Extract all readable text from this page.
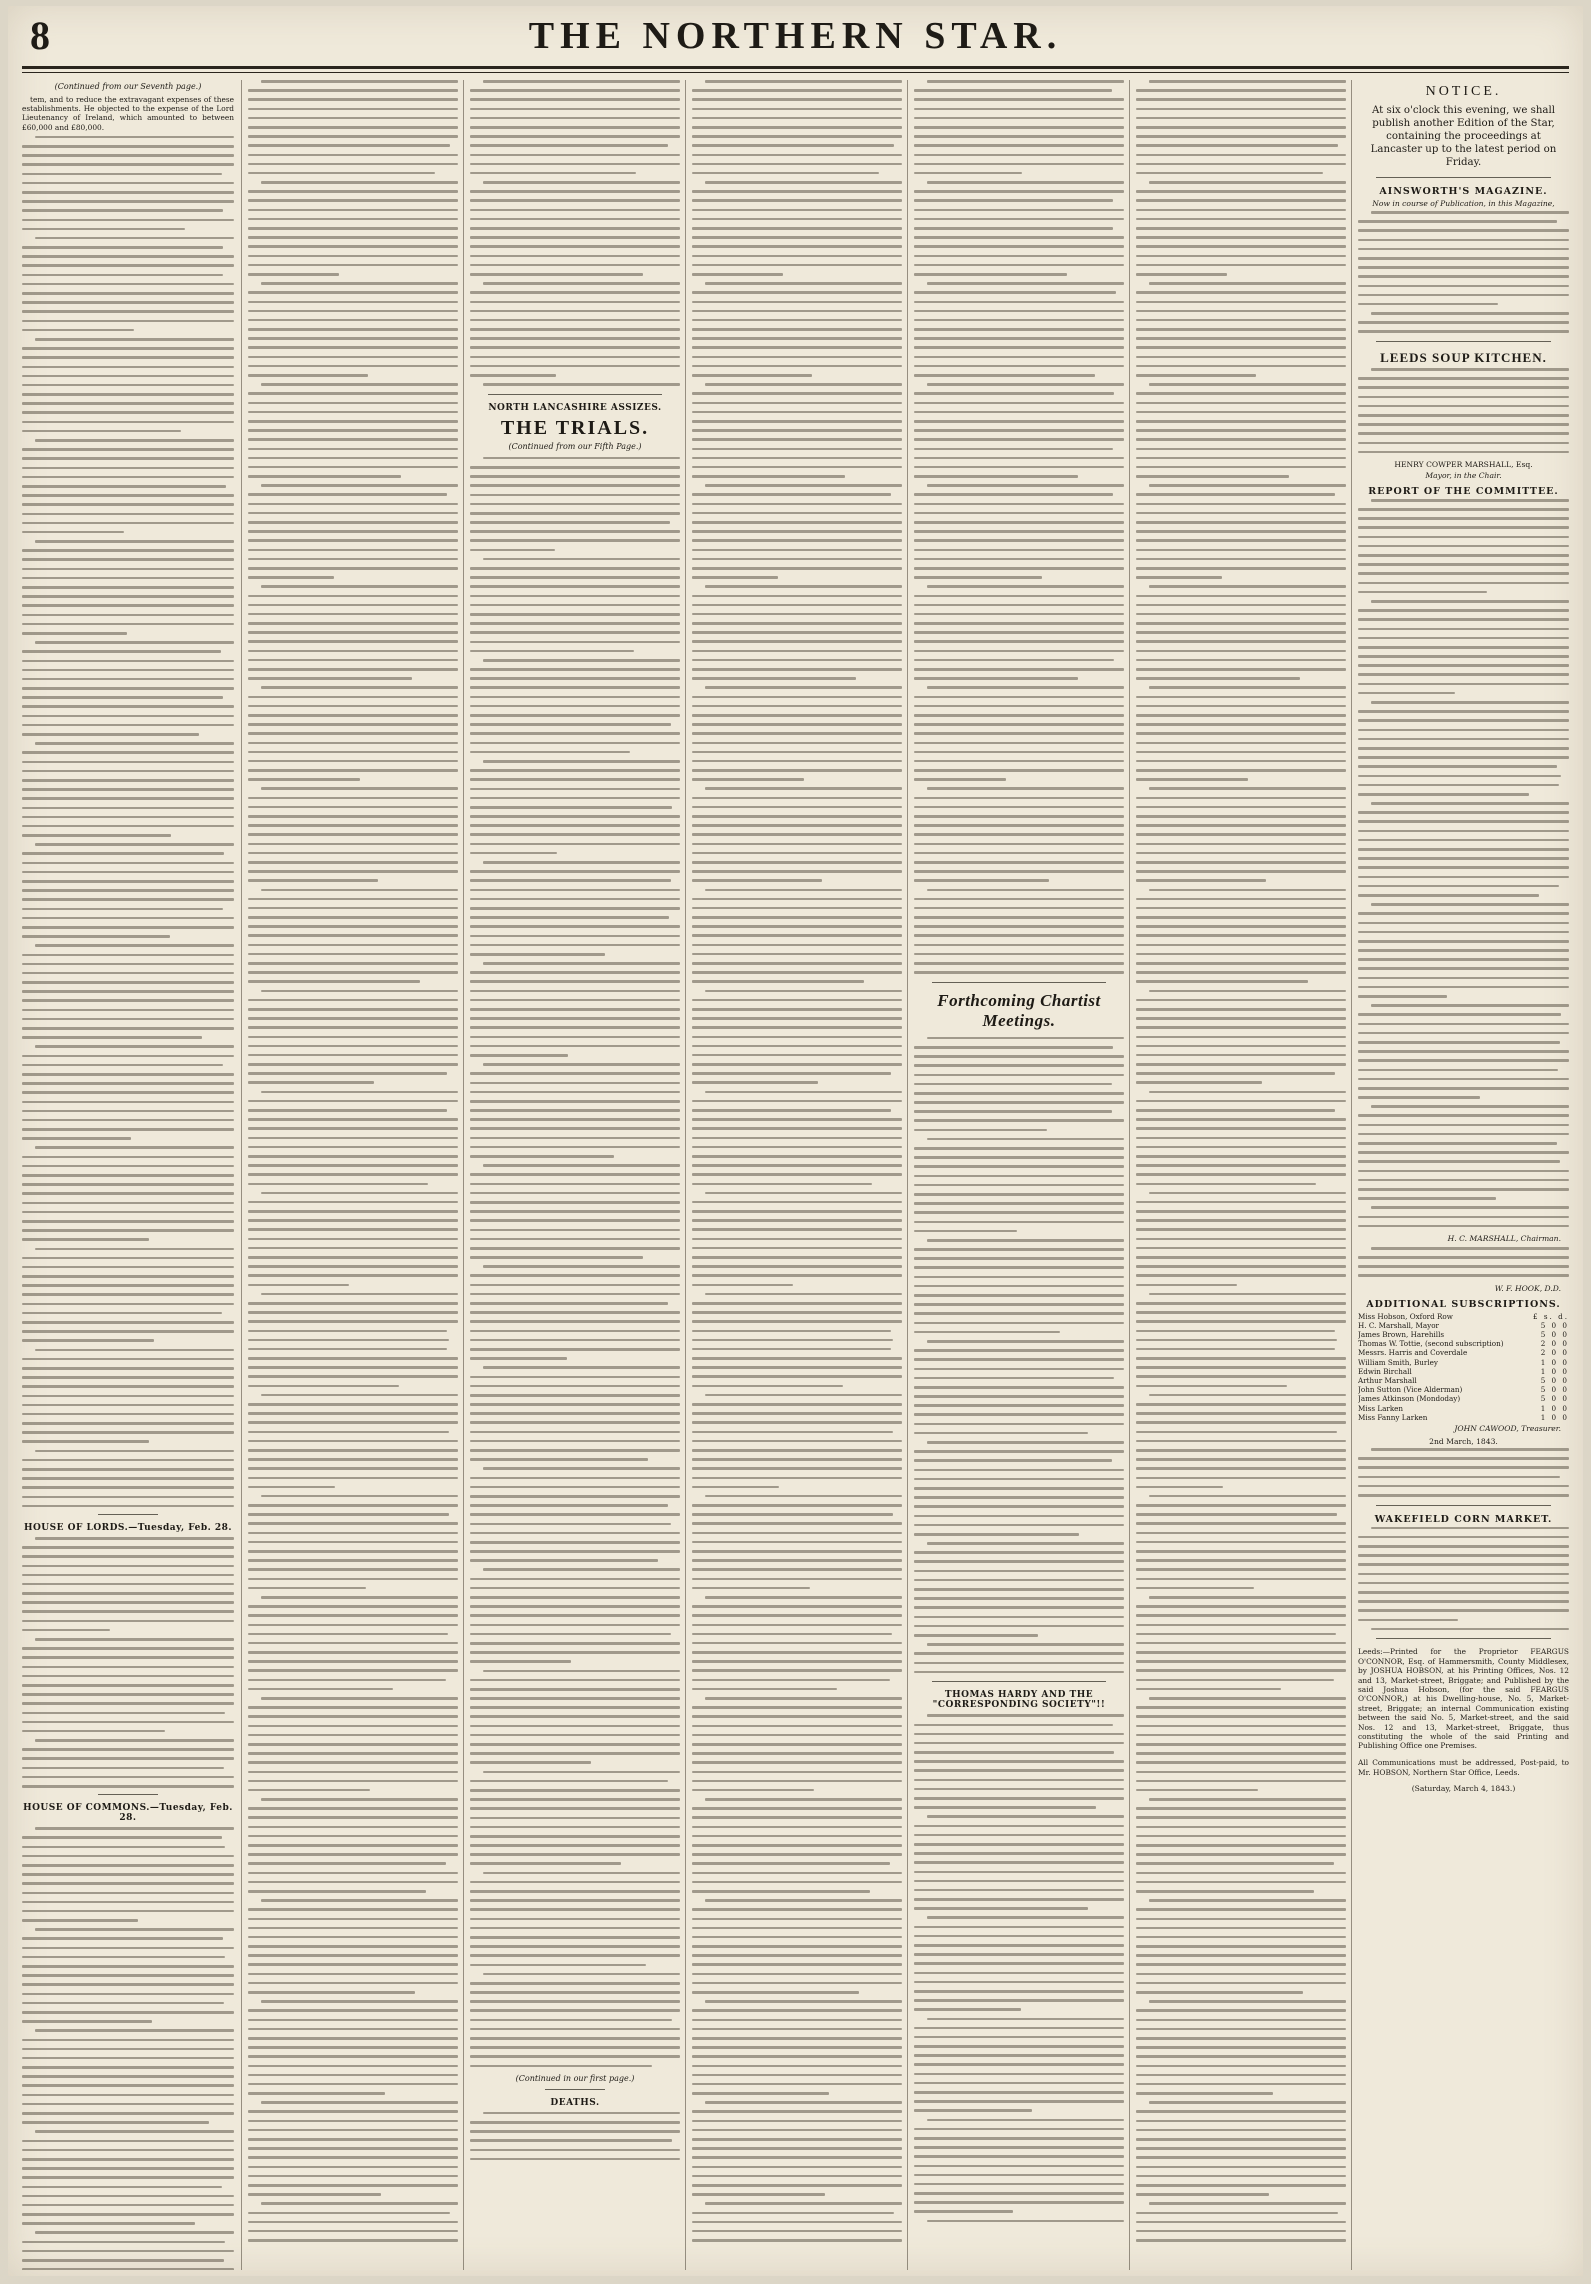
8	THE NORTHERN STAR.
(Continued from our Seventh page.)

tem, and to reduce the extravagant expenses of these establishments. He objected to the expense of the Lord Lieutenancy of Ireland, which amounted to between £60,000 and £80,000.

HOUSE OF LORDS.—Tuesday, Feb. 28.
HOUSE OF COMMONS.—Tuesday, Feb. 28.
NORTH LANCASHIRE ASSIZES.
THE TRIALS.
(Continued from our Fifth Page.)
(Continued in our first page.)
DEATHS.
Forthcoming Chartist Meetings.
THOMAS HARDY AND THE "CORRESPONDING SOCIETY"!!
NOTICE.
At six o'clock this evening, we shall publish another Edition of the Star, containing the proceedings at Lancaster up to the latest period on Friday.
AINSWORTH'S MAGAZINE.
Now in course of Publication, in this Magazine,
LEEDS SOUP KITCHEN.
HENRY COWPER MARSHALL, Esq.
Mayor, in the Chair.
REPORT OF THE COMMITTEE.
H. C. MARSHALL, Chairman.
W. F. HOOK, D.D.
ADDITIONAL SUBSCRIPTIONS.
Miss Hobson, Oxford Row	£ s. d.
H. C. Marshall, Mayor	5 0 0
James Brown, Harehills	5 0 0
Thomas W. Tottie, (second subscription)	2 0 0
Messrs. Harris and Coverdale	2 0 0
William Smith, Burley	1 0 0
Edwin Birchall	1 0 0
Arthur Marshall	5 0 0
John Sutton (Vice Alderman)	5 0 0
James Atkinson (Mondoday)	5 0 0
Miss Larken	1 0 0
Miss Fanny Larken	1 0 0
JOHN CAWOOD, Treasurer.
2nd March, 1843.
WAKEFIELD CORN MARKET.

Leeds:—Printed for the Proprietor FEARGUS O'CONNOR, Esq. of Hammersmith, County Middlesex, by JOSHUA HOBSON, at his Printing Offices, Nos. 12 and 13, Market-street, Briggate; and Published by the said Joshua Hobson, (for the said FEARGUS O'CONNOR,) at his Dwelling-house, No. 5, Market-street, Briggate; an internal Communication existing between the said No. 5, Market-street, and the said Nos. 12 and 13, Market-street, Briggate, thus constituting the whole of the said Printing and Publishing Office one Premises.

All Communications must be addressed, Post-paid, to Mr. HOBSON, Northern Star Office, Leeds.

(Saturday, March 4, 1843.)
